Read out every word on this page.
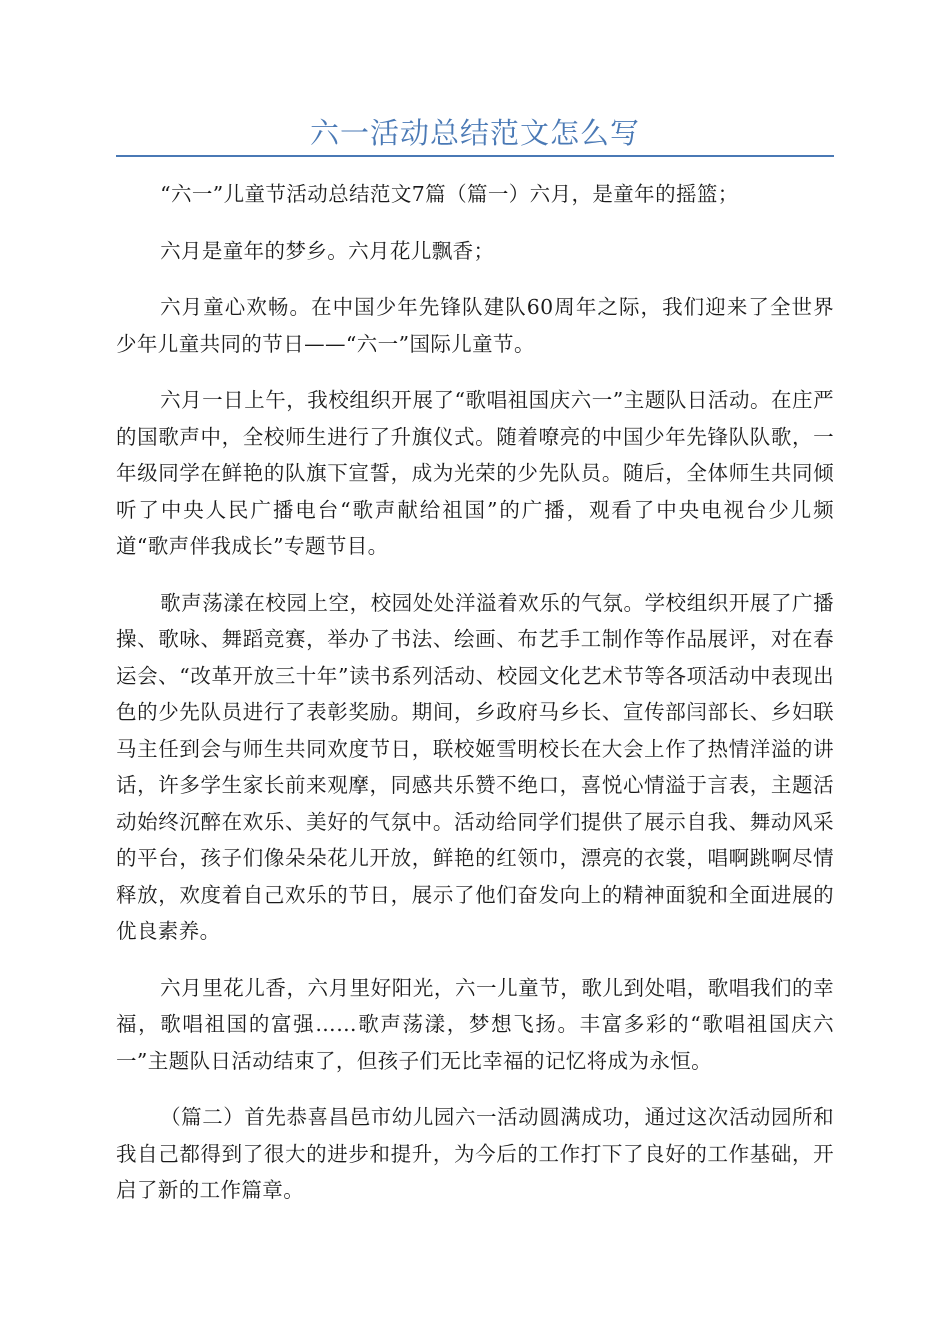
六一活动总结范文怎么写

“六一”儿童节活动总结范文7篇（篇一）六月，是童年的摇篮；

六月是童年的梦乡。六月花儿飘香；

六月童心欢畅。在中国少年先锋队建队60周年之际，我们迎来了全世界少年儿童共同的节日——“六一”国际儿童节。

六月一日上午，我校组织开展了“歌唱祖国庆六一”主题队日活动。在庄严的国歌声中，全校师生进行了升旗仪式。随着嘹亮的中国少年先锋队队歌，一年级同学在鲜艳的队旗下宣誓，成为光荣的少先队员。随后，全体师生共同倾听了中央人民广播电台“歌声献给祖国”的广播，观看了中央电视台少儿频道“歌声伴我成长”专题节目。

歌声荡漾在校园上空，校园处处洋溢着欢乐的气氛。学校组织开展了广播操、歌咏、舞蹈竞赛，举办了书法、绘画、布艺手工制作等作品展评，对在春运会、“改革开放三十年”读书系列活动、校园文化艺术节等各项活动中表现出色的少先队员进行了表彰奖励。期间，乡政府马乡长、宣传部闫部长、乡妇联马主任到会与师生共同欢度节日，联校姬雪明校长在大会上作了热情洋溢的讲话，许多学生家长前来观摩，同感共乐赞不绝口，喜悦心情溢于言表，主题活动始终沉醉在欢乐、美好的气氛中。活动给同学们提供了展示自我、舞动风采的平台，孩子们像朵朵花儿开放，鲜艳的红领巾，漂亮的衣裳，唱啊跳啊尽情释放，欢度着自己欢乐的节日，展示了他们奋发向上的精神面貌和全面进展的优良素养。

六月里花儿香，六月里好阳光，六一儿童节，歌儿到处唱，歌唱我们的幸福，歌唱祖国的富强……歌声荡漾，梦想飞扬。丰富多彩的“歌唱祖国庆六一”主题队日活动结束了，但孩子们无比幸福的记忆将成为永恒。

（篇二）首先恭喜昌邑市幼儿园六一活动圆满成功，通过这次活动园所和我自己都得到了很大的进步和提升，为今后的工作打下了良好的工作基础，开启了新的工作篇章。
